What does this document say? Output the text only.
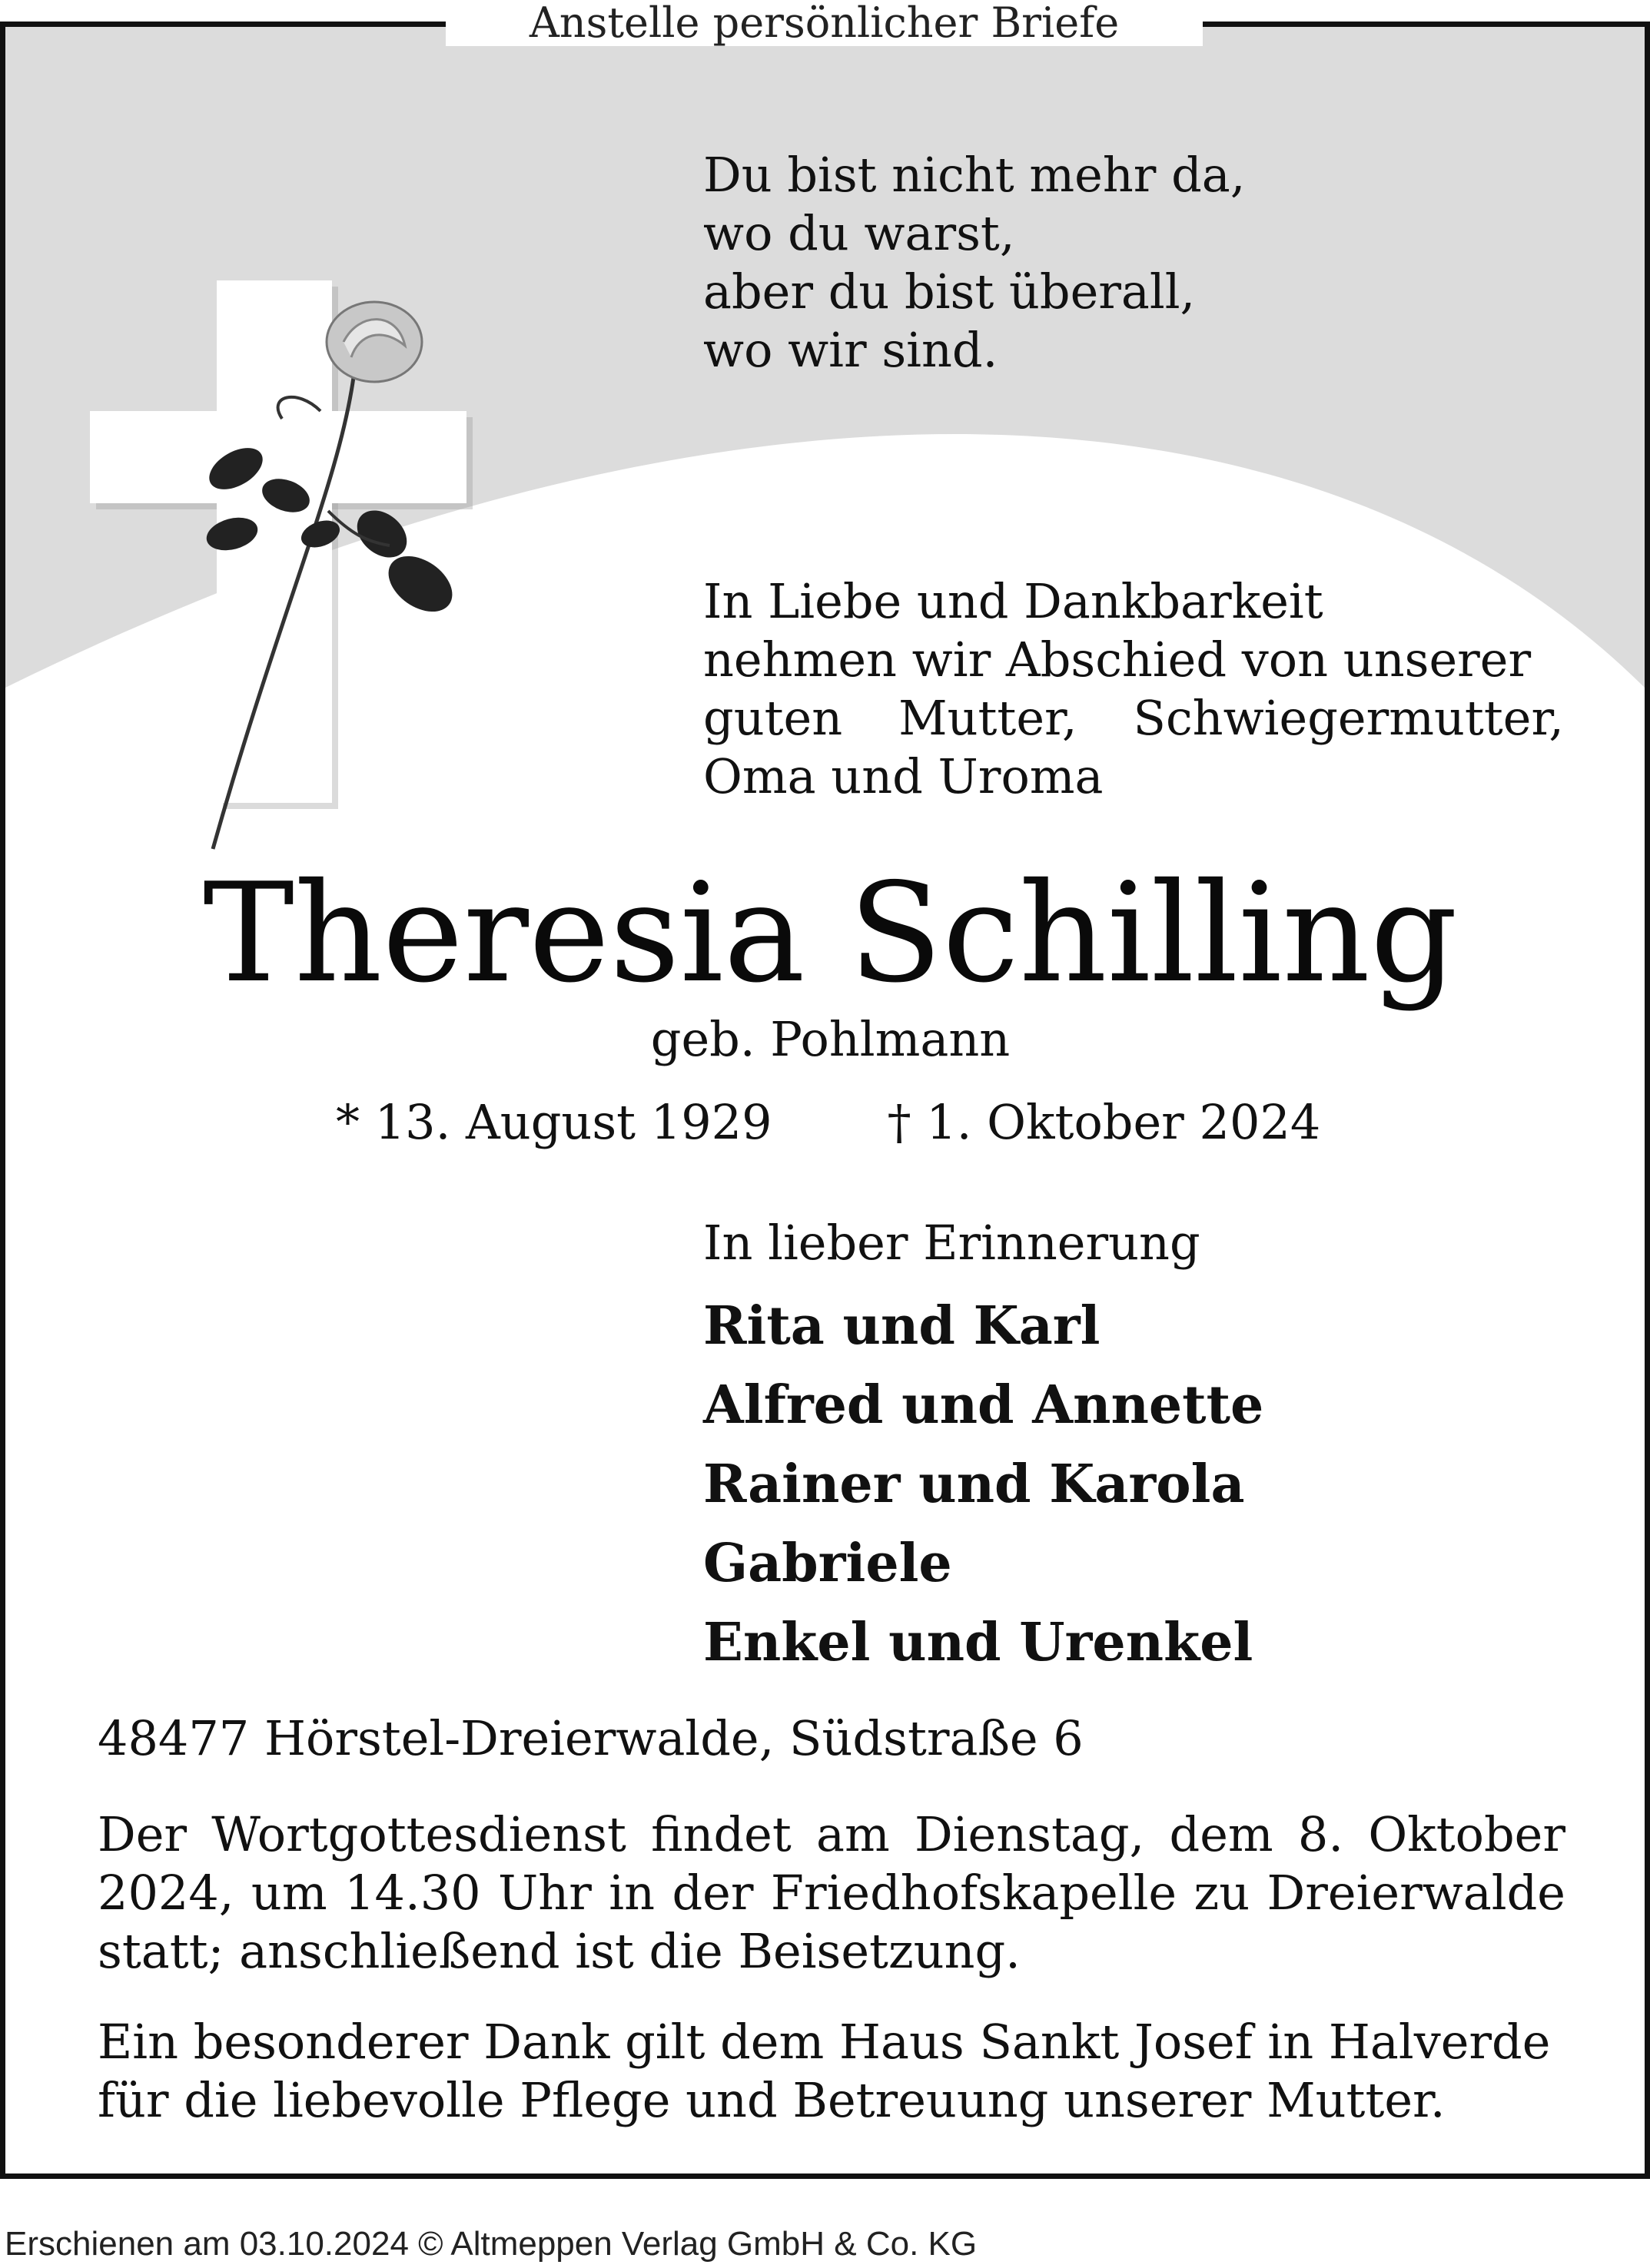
Du bist nicht mehr da,
wo du warst,
aber du bist überall,
wo wir sind.
In Liebe und Dankbarkeit
nehmen wir Abschied von unserer
guten Mutter, Schwiegermutter,
Oma und Uroma
Theresia Schilling
geb. Pohlmann
* 13. August 1929 † 1. Oktober 2024
In lieber Erinnerung
Rita und Karl
Alfred und Annette
Rainer und Karola
Gabriele
Enkel und Urenkel
48477 Hörstel-Dreierwalde, Südstraße 6
Der Wortgottesdienst findet am Dienstag, dem 8. Oktober
2024, um 14.30 Uhr in der Friedhofskapelle zu Dreierwalde
statt; anschließend ist die Beisetzung.
Ein besonderer Dank gilt dem Haus Sankt Josef in Halverde
für die liebevolle Pflege und Betreuung unserer Mutter.
Anstelle persönlicher Briefe
Erschienen am 03.10.2024 © Altmeppen Verlag GmbH & Co. KG
